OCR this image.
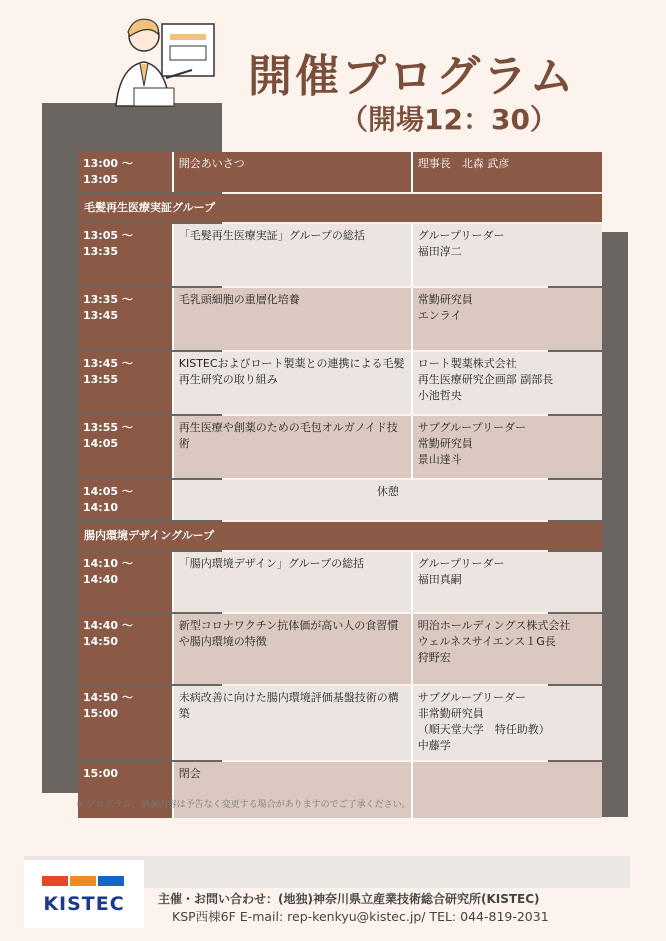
開催プログラム
（開場12：30）
13:00 ～ 13:05	開会あいさつ	理事長　北森 武彦
毛髪再生医療実証グループ		
13:05 ～ 13:35	「毛髪再生医療実証」グループの総括	グループリーダー
福田淳二

13:35 ～ 13:45	毛乳頭細胞の重層化培養	常勤研究員
エンライ

13:45 ～ 13:55	KISTECおよびロート製薬との連携による毛髪再生研究の取り組み	ロート製薬株式会社
再生医療研究企画部 副部長
小池哲央

13:55 ～ 14:05	再生医療や創薬のための毛包オルガノイド技術	サブグループリーダー
常勤研究員
景山達斗

14:05 ～ 14:10	休憩	
腸内環境デザイングループ		
14:10 ～ 14:40	「腸内環境デザイン」グループの総括	グループリーダー
福田真嗣

14:40 ～ 14:50	新型コロナワクチン抗体価が高い人の食習慣や腸内環境の特徴	明治ホールディングス株式会社
ウェルネスサイエンス１G長
狩野宏

14:50 ～ 15:00	未病改善に向けた腸内環境評価基盤技術の構築	サブグループリーダー
非常勤研究員
（順天堂大学　特任助教）
中藤学

15:00	閉会	
※ プログラム、講演内容は予告なく変更する場合がありますのでご了承ください。
KISTEC	主催・お問い合わせ：(地独)神奈川県立産業技術総合研究所(KISTEC)
KSP西棟6F E-mail: rep-kenkyu@kistec.jp/ TEL: 044-819-2031
